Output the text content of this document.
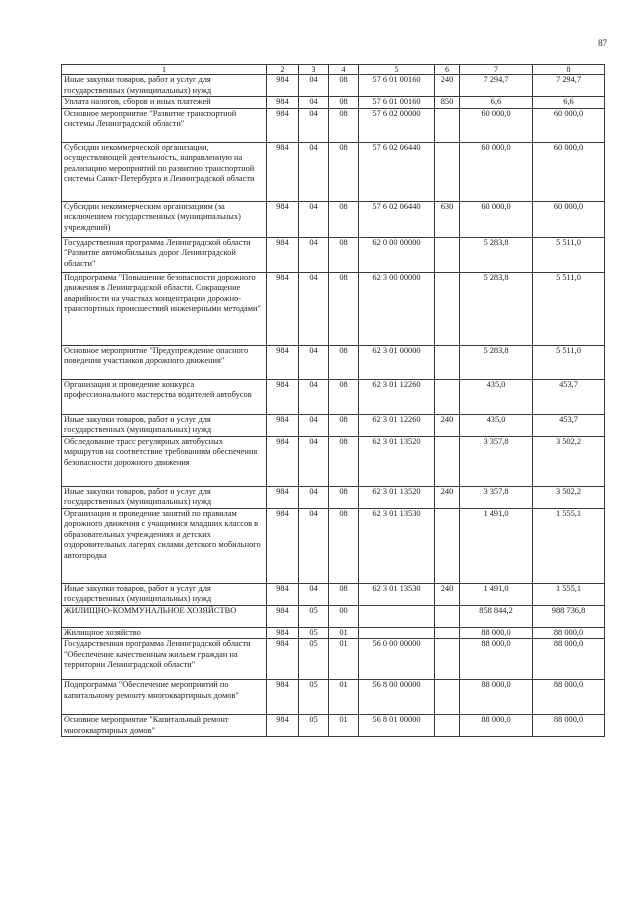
87
1	2	3	4	5	6	7	8
Иные закупки товаров, работ и услуг для государственных (муниципальных) нужд	984	04	08	57 6 01 00160	240	7 294,7	7 294,7
Уплата налогов, сборов и иных платежей	984	04	08	57 6 01 00160	850	6,6	6,6
Основное мероприятие "Развитие транспортной системы Ленинградской области"	984	04	08	57 6 02 00000		60 000,0	60 000,0
Субсидии некоммерческой организации, осуществляющей деятельность, направленную на реализацию мероприятий по развитию транспортной системы Санкт-Петербурга и Ленинградской области	984	04	08	57 6 02 06440		60 000,0	60 000,0
Субсидии некоммерческим организациям (за исключением государственных (муниципальных) учреждений)	984	04	08	57 6 02 06440	630	60 000,0	60 000,0
Государственная программа Ленинградской области "Развитие автомобильных дорог Ленинградской области"	984	04	08	62 0 00 00000		5 283,8	5 511,0
Подпрограмма "Повышение безопасности дорожного движения в Ленинградской области. Сокращение аварийности на участках концентрации дорожно-транспортных происшествий инженерными методами"	984	04	08	62 3 00 00000		5 283,8	5 511,0
Основное мероприятие "Предупреждение опасного поведения участников дорожного движения"	984	04	08	62 3 01 00000		5 283,8	5 511,0
Организация и проведение конкурса профессионального мастерства водителей автобусов	984	04	08	62 3 01 12260		435,0	453,7
Иные закупки товаров, работ и услуг для государственных (муниципальных) нужд	984	04	08	62 3 01 12260	240	435,0	453,7
Обследование трасс регулярных автобусных маршрутов на соответствие требованиям обеспечения безопасности дорожного движения	984	04	08	62 3 01 13520		3 357,8	3 502,2
Иные закупки товаров, работ и услуг для государственных (муниципальных) нужд	984	04	08	62 3 01 13520	240	3 357,8	3 502,2
Организация и проведение занятий по правилам дорожного движения с учащимися младших классов в образовательных учреждениях и детских оздоровительных лагерях силами детского мобильного автогородка	984	04	08	62 3 01 13530		1 491,0	1 555,1
Иные закупки товаров, работ и услуг для государственных (муниципальных) нужд	984	04	08	62 3 01 13530	240	1 491,0	1 555,1
ЖИЛИЩНО-КОММУНАЛЬНОЕ ХОЗЯЙСТВО	984	05	00			858 844,2	988 736,8
Жилищное хозяйство	984	05	01			88 000,0	88 000,0
Государственная программа Ленинградской области "Обеспечение качественным жильем граждан на территории Ленинградской области"	984	05	01	56 0 00 00000		88 000,0	88 000,0
Подпрограмма "Обеспечение мероприятий по капитальному ремонту многоквартирных домов"	984	05	01	56 8 00 00000		88 000,0	88 000,0
Основное мероприятие "Капитальный ремонт многоквартирных домов"	984	05	01	56 8 01 00000		88 000,0	88 000,0
